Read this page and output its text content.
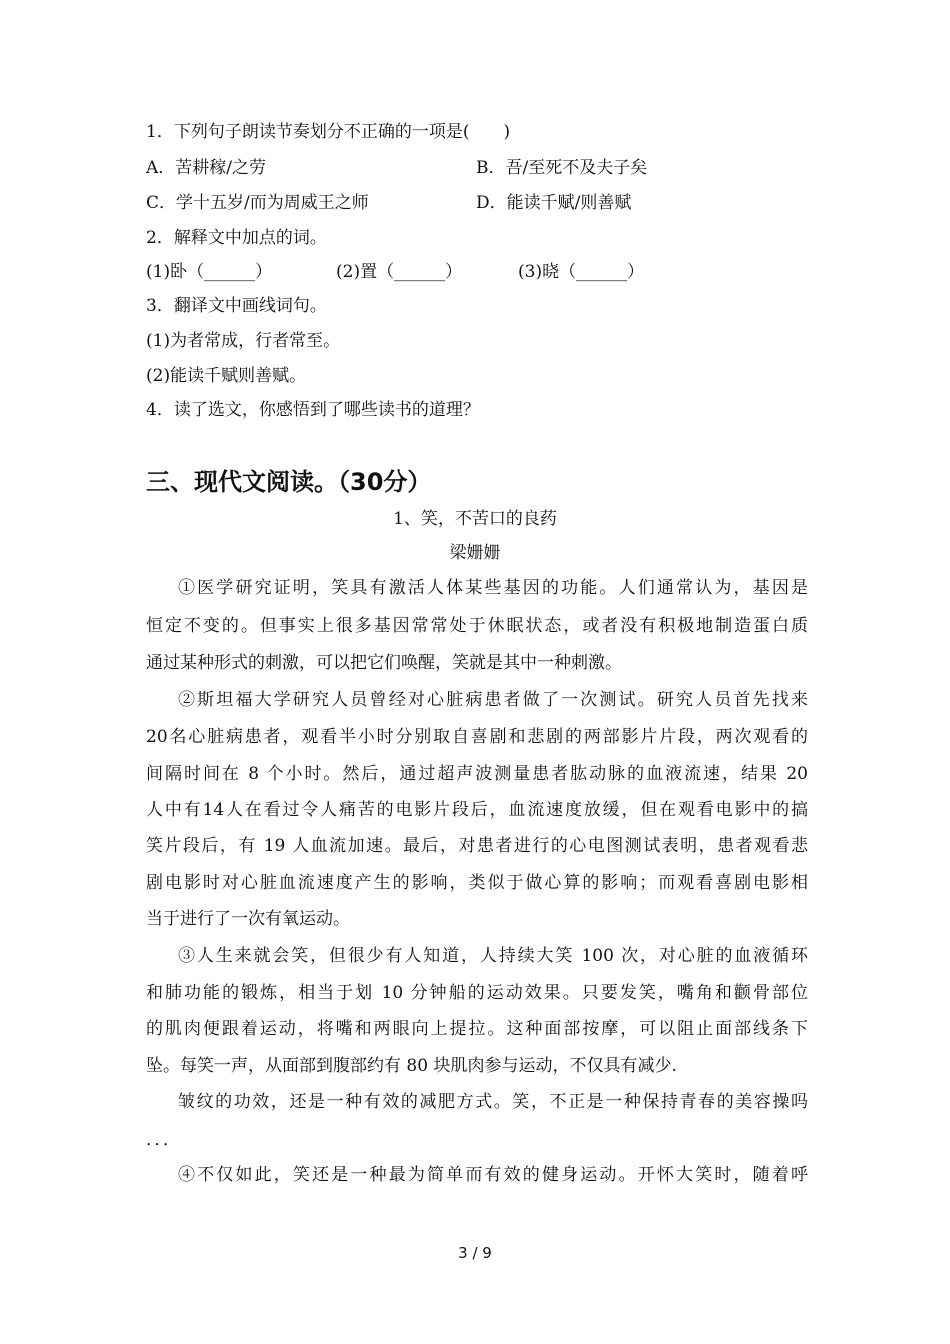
1．下列句子朗读节奏划分不正确的一项是(　　)
A．苦耕稼/之劳	B．吾/至死不及夫子矣
C．学十五岁/而为周威王之师	D．能读千赋/则善赋
2．解释文中加点的词。
(1)卧（______）	(2)置（______）	(3)晓（______）
3．翻译文中画线词句。
(1)为者常成，行者常至。
(2)能读千赋则善赋。
4．读了选文，你感悟到了哪些读书的道理？
三、现代文阅读。（30分）
1、笑，不苦口的良药
梁姗姗
①医学研究证明，笑具有激活人体某些基因的功能。人们通常认为，基因是
恒定不变的。但事实上很多基因常常处于休眠状态，或者没有积极地制造蛋白质
通过某种形式的刺激，可以把它们唤醒，笑就是其中一种刺激。
②斯坦福大学研究人员曾经对心脏病患者做了一次测试。研究人员首先找来
20名心脏病患者，观看半小时分别取自喜剧和悲剧的两部影片片段，两次观看的
间隔时间在 8 个小时。然后，通过超声波测量患者肱动脉的血液流速，结果 20
人中有14人在看过令人痛苦的电影片段后，血流速度放缓，但在观看电影中的搞
笑片段后，有 19 人血流加速。最后，对患者进行的心电图测试表明，患者观看悲
剧电影时对心脏血流速度产生的影响，类似于做心算的影响；而观看喜剧电影相
当于进行了一次有氧运动。
③人生来就会笑，但很少有人知道，人持续大笑 100 次，对心脏的血液循环
和肺功能的锻炼，相当于划 10 分钟船的运动效果。只要发笑，嘴角和颧骨部位
的肌肉便跟着运动，将嘴和两眼向上提拉。这种面部按摩，可以阻止面部线条下
坠。每笑一声，从面部到腹部约有 80 块肌肉参与运动，不仅具有减少.
皱纹的功效，还是一种有效的减肥方式。笑，不正是一种保持青春的美容操吗
．．．
④不仅如此，笑还是一种最为简单而有效的健身运动。开怀大笑时，随着呼
3 / 9
